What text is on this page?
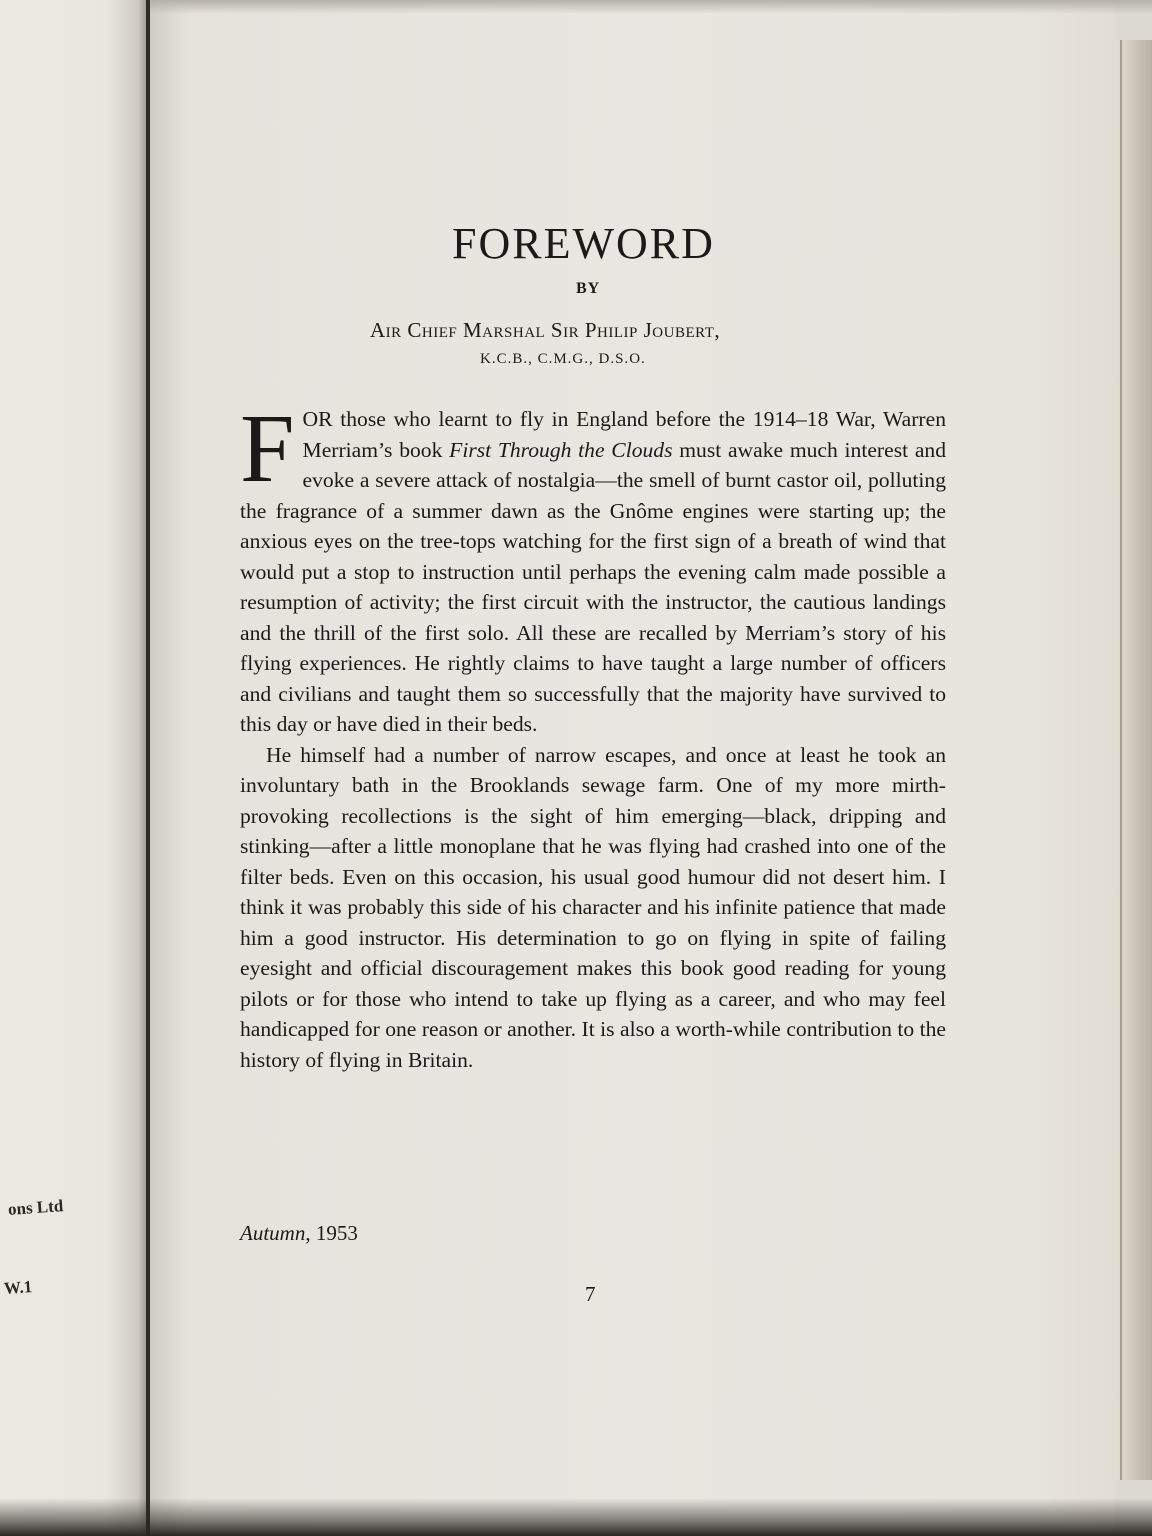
ons Ltd
W.1
FOREWORD
BY
Air Chief Marshal Sir Philip Joubert,
K.C.B., C.M.G., D.S.O.

FOR those who learnt to fly in England before the 1914–18 War, Warren Merriam’s book First Through the Clouds must awake much interest and evoke a severe attack of nostalgia—the smell of burnt castor oil, polluting the fragrance of a summer dawn as the Gnôme engines were starting up; the anxious eyes on the tree-tops watching for the first sign of a breath of wind that would put a stop to instruction until perhaps the evening calm made possible a resumption of activity; the first circuit with the instructor, the cautious landings and the thrill of the first solo. All these are recalled by Merriam’s story of his flying experiences. He rightly claims to have taught a large number of officers and civilians and taught them so successfully that the majority have survived to this day or have died in their beds.

He himself had a number of narrow escapes, and once at least he took an involuntary bath in the Brooklands sewage farm. One of my more mirth-provoking recollections is the sight of him emerging—black, dripping and stinking—after a little monoplane that he was flying had crashed into one of the filter beds. Even on this occasion, his usual good humour did not desert him. I think it was probably this side of his character and his infinite patience that made him a good instructor. His determination to go on flying in spite of failing eyesight and official discouragement makes this book good reading for young pilots or for those who intend to take up flying as a career, and who may feel handicapped for one reason or another. It is also a worth-while contribution to the history of flying in Britain.

Autumn, 1953
7
